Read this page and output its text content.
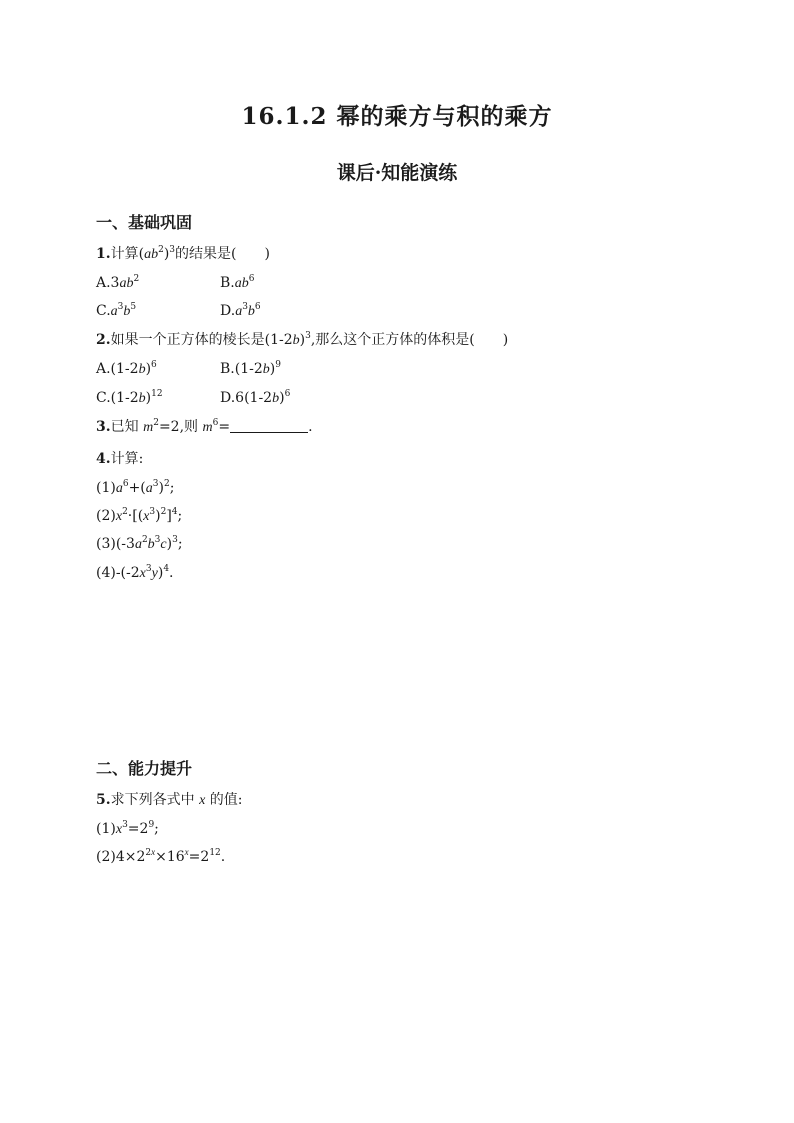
16.1.2 幂的乘方与积的乘方
课后·知能演练
一、基础巩固
1.计算$(ab^2)^3$的结果是(　　)
$A.3ab^2$	$B.ab^6$
$C.a^3b^5$	$D.a^3b^6$
2.如果一个正方体的棱长是$(1-2b)^3$,那么这个正方体的体积是(　　)
$A.(1-2b)^6$	$B.(1-2b)^9$
$C.(1-2b)^{12}$	$D.6(1-2b)^6$
3.已知 $m^2=2$,则 $m^6=$	.
4.计算:
$(1)a^6+(a^3)^2$;
$(2)x^2\cdot[(x^3)^2]^4$;
$(3)(-3a^2b^3c)^3$;
$(4)-(-2x^3y)^4$.
二、能力提升
5.求下列各式中 x 的值:
$(1)x^3=2^9$;
$(2)4\times 2^{2x}\times 16^x=2^{12}$.
